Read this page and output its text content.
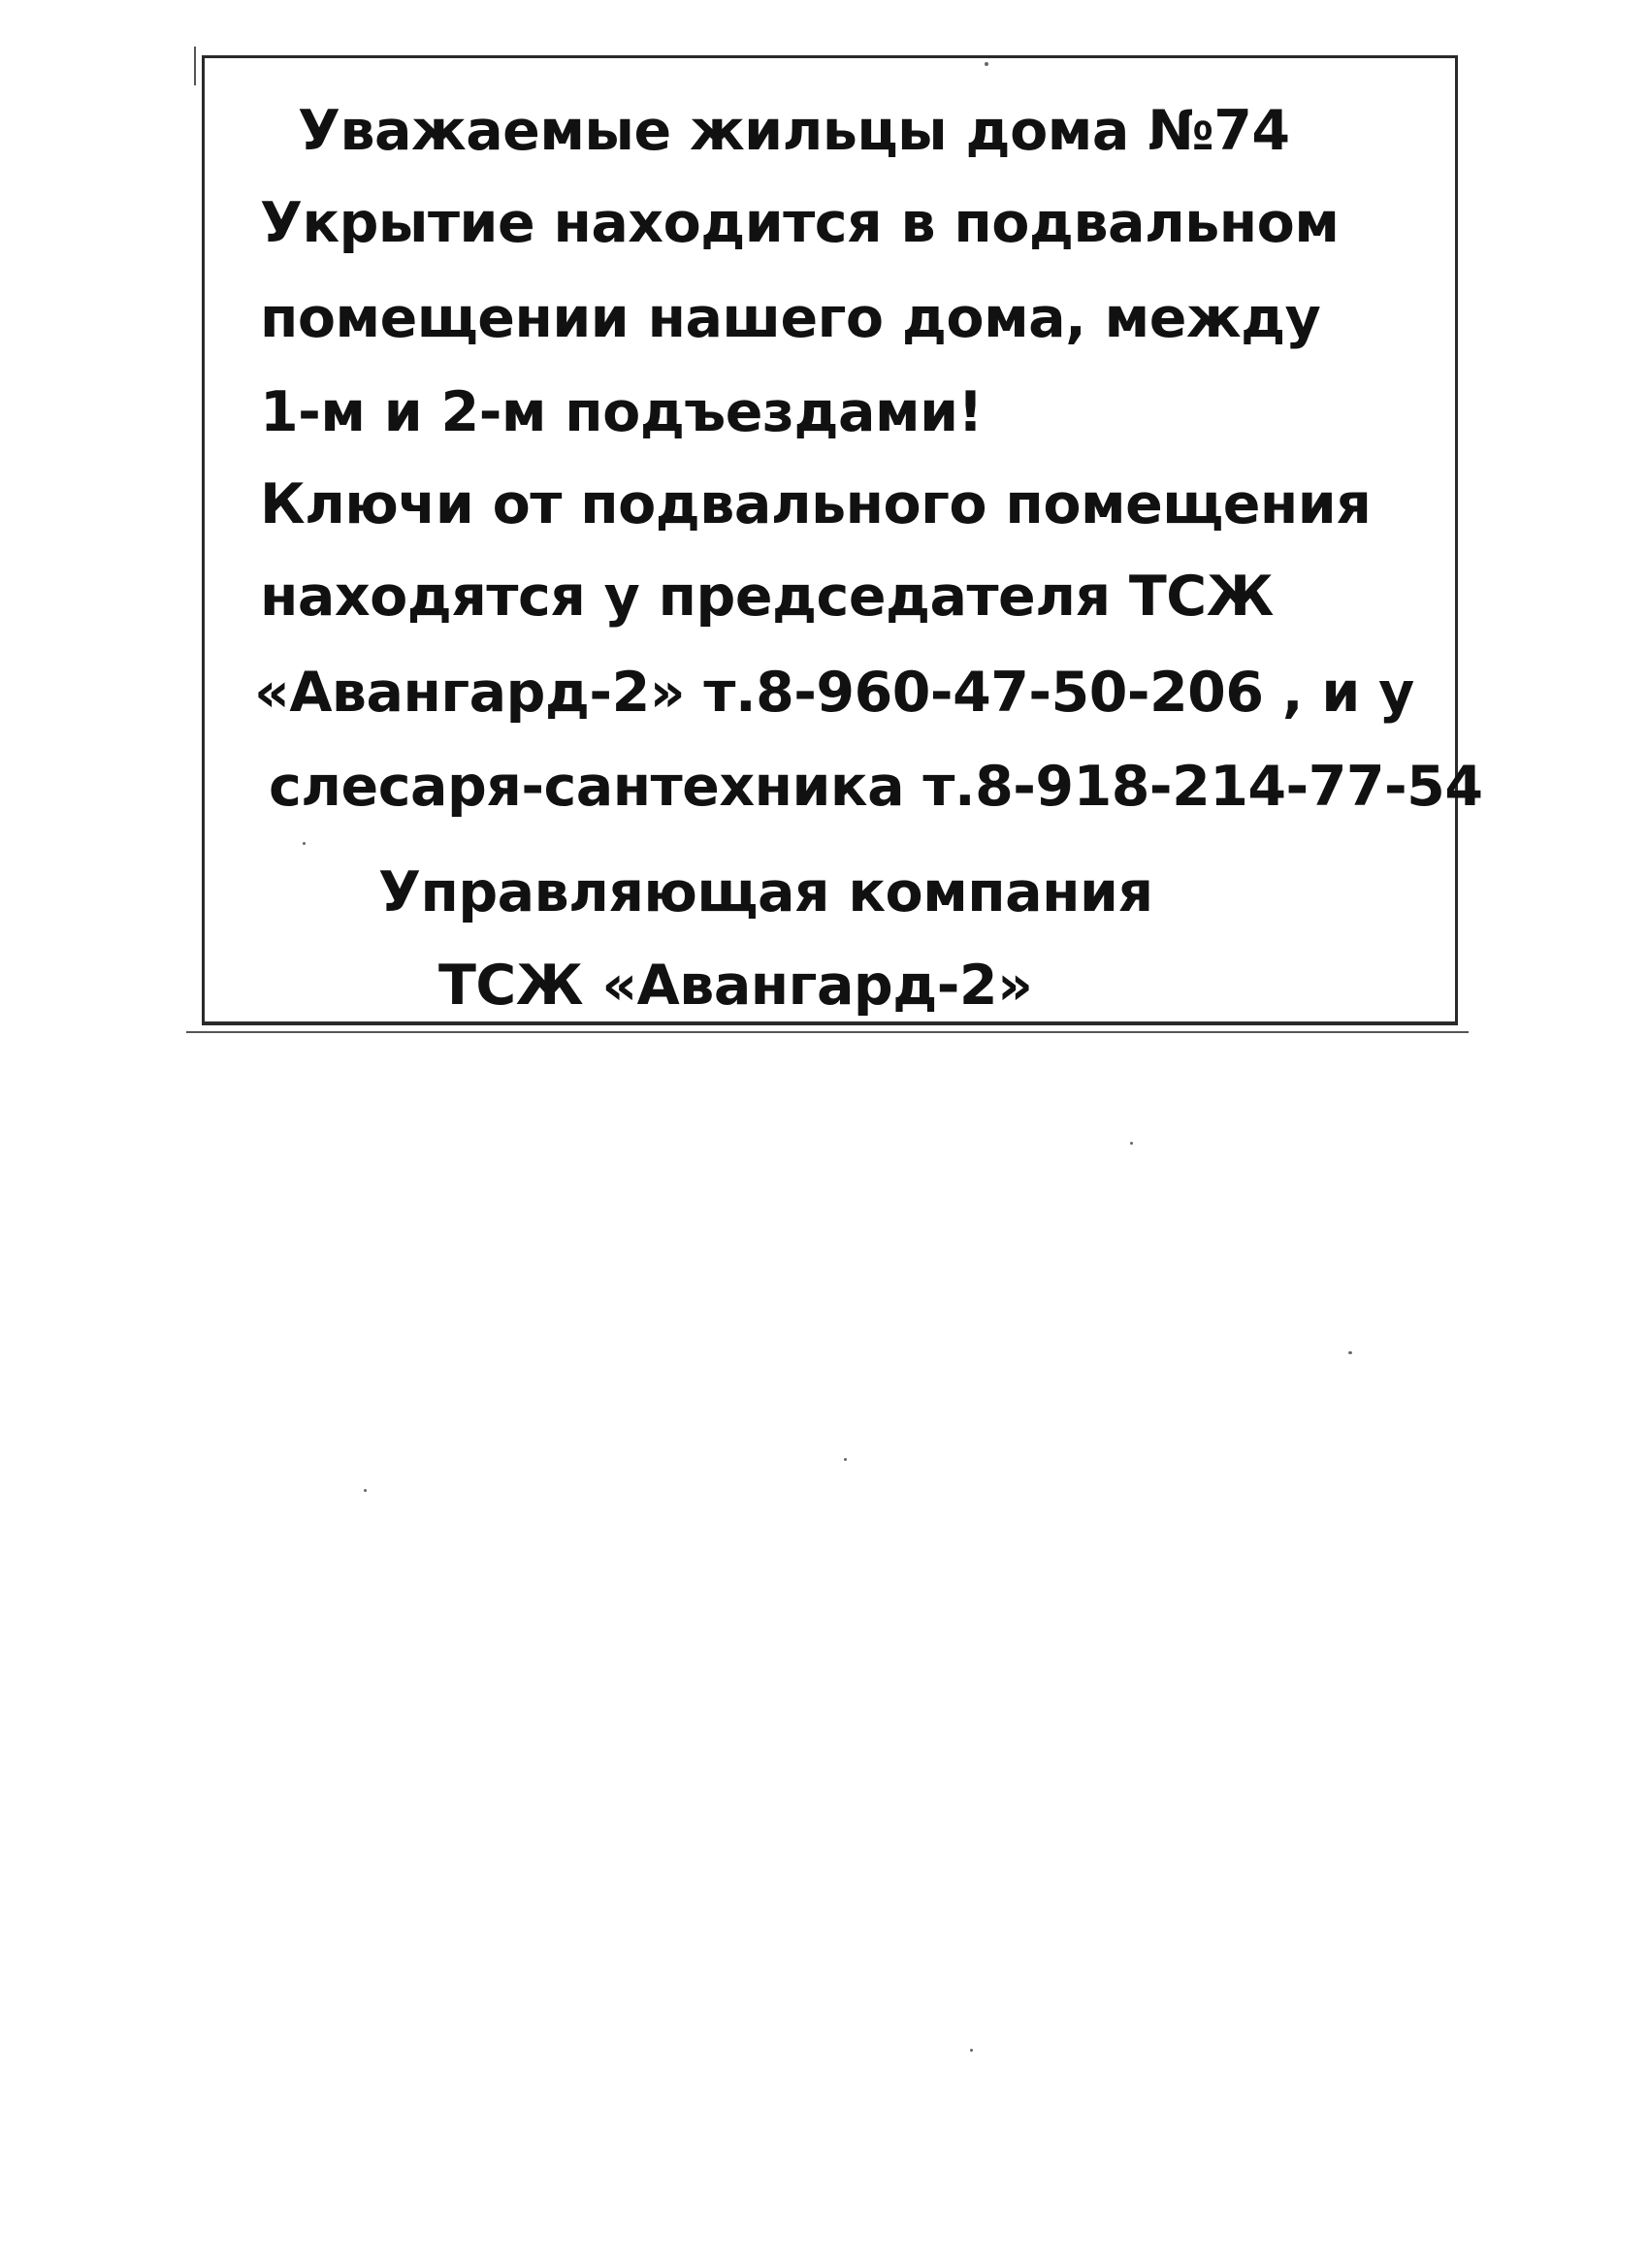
Уважаемые жильцы дома №74
Укрытие находится в подвальном
помещении нашего дома, между
1-м и 2-м подъездами!
Ключи от подвального помещения
находятся у председателя ТСЖ
«Авангард-2» т.8-960-47-50-206 , и у
слесаря-сантехника т.8-918-214-77-54
Управляющая компания
ТСЖ «Авангард-2»
